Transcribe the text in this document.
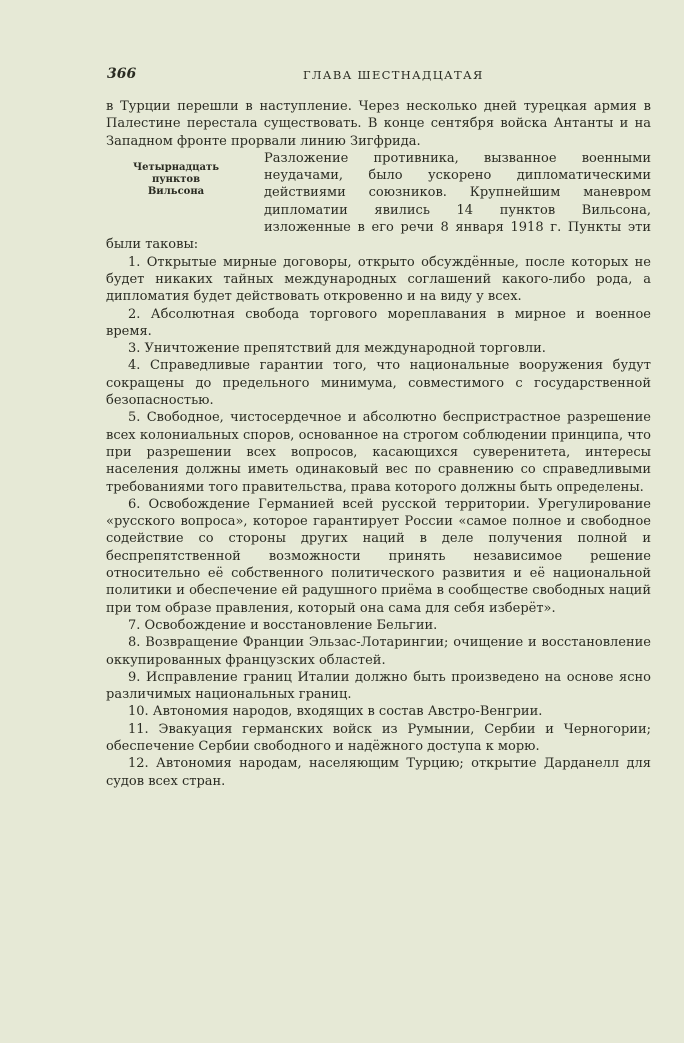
366	ГЛАВА ШЕСТНАДЦАТАЯ

в Турции перешли в наступление. Через несколько дней турецкая армия в Палестине перестала существовать. В конце сентября войска Антанты и на Западном фронте прорвали линию Зигфрида.

Четырнадцать
пунктов
Вильсона

Разложение противника, вызванное военными неудачами, было ускорено дипломатическими действиями союзников. Крупнейшим маневром дипломатии явились 14 пунктов Вильсона, изложенные в его речи 8 января 1918 г. Пункты эти были таковы:

1. Открытые мирные договоры, открыто обсуждённые, после которых не будет никаких тайных международных соглашений какого-либо рода, а дипломатия будет действовать откровенно и на виду у всех.

2. Абсолютная свобода торгового мореплавания в мирное и военное время.

3. Уничтожение препятствий для международной торговли.

4. Справедливые гарантии того, что национальные вооружения будут сокращены до предельного минимума, совместимого с государственной безопасностью.

5. Свободное, чистосердечное и абсолютно беспристрастное разрешение всех колониальных споров, основанное на строгом соблюдении принципа, что при разрешении всех вопросов, касающихся суверенитета, интересы населения должны иметь одинаковый вес по сравнению со справедливыми требованиями того правительства, права которого должны быть определены.

6. Освобождение Германией всей русской территории. Урегулирование «русского вопроса», которое гарантирует России «самое полное и свободное содействие со стороны других наций в деле получения полной и беспрепятственной возможности принять независимое решение относительно её собственного политического развития и её национальной политики и обеспечение ей радушного приёма в сообществе свободных наций при том образе правления, который она сама для себя изберёт».

7. Освобождение и восстановление Бельгии.

8. Возвращение Франции Эльзас-Лотарингии; очищение и восстановление оккупированных французских областей.

9. Исправление границ Италии должно быть произведено на основе ясно различимых национальных границ.

10. Автономия народов, входящих в состав Австро-Венгрии.

11. Эвакуация германских войск из Румынии, Сербии и Черногории; обеспечение Сербии свободного и надёжного доступа к морю.

12. Автономия народам, населяющим Турцию; открытие Дарданелл для судов всех стран.
